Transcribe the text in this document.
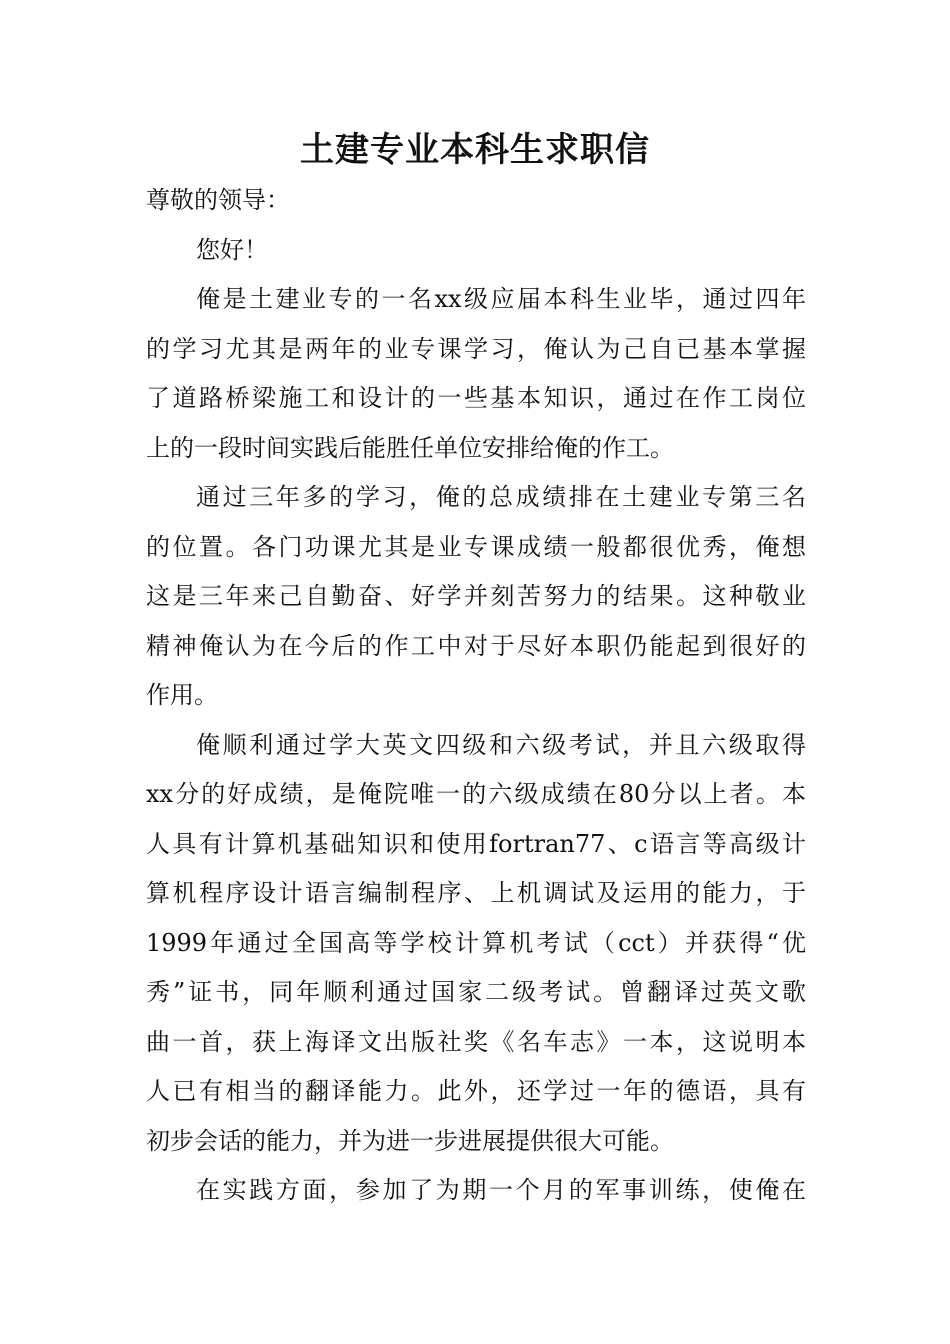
土建专业本科生求职信
尊敬的领导：
您好！
俺是土建业专的一名xx级应届本科生业毕，通过四年
的学习尤其是两年的业专课学习，俺认为己自已基本掌握
了道路桥梁施工和设计的一些基本知识，通过在作工岗位
上的一段时间实践后能胜任单位安排给俺的作工。
通过三年多的学习，俺的总成绩排在土建业专第三名
的位置。各门功课尤其是业专课成绩一般都很优秀，俺想
这是三年来己自勤奋、好学并刻苦努力的结果。这种敬业
精神俺认为在今后的作工中对于尽好本职仍能起到很好的
作用。
俺顺利通过学大英文四级和六级考试，并且六级取得
xx分的好成绩，是俺院唯一的六级成绩在80分以上者。本
人具有计算机基础知识和使用fortran77、c语言等高级计
算机程序设计语言编制程序、上机调试及运用的能力，于
1999年通过全国高等学校计算机考试（cct）并获得“优
秀”证书，同年顺利通过国家二级考试。曾翻译过英文歌
曲一首，获上海译文出版社奖《名车志》一本，这说明本
人已有相当的翻译能力。此外，还学过一年的德语，具有
初步会话的能力，并为进一步进展提供很大可能。
在实践方面，参加了为期一个月的军事训练，使俺在
